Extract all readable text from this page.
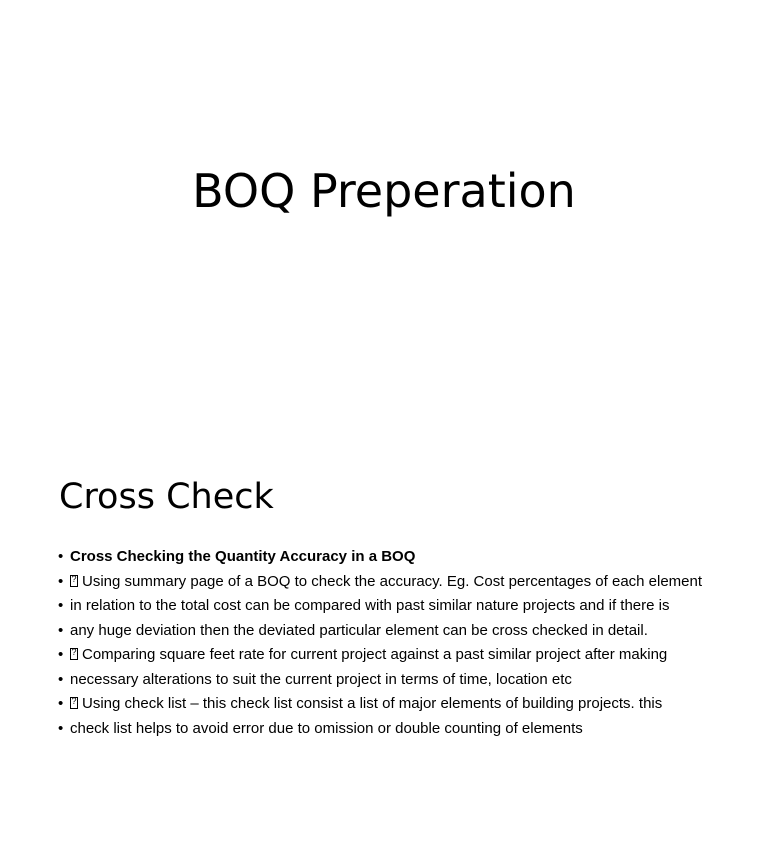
BOQ Preperation
Cross Check
• Cross Checking the Quantity Accuracy in a BOQ
• ? Using summary page of a BOQ to check the accuracy. Eg. Cost percentages of each element
• in relation to the total cost can be compared with past similar nature projects and if there is
• any huge deviation then the deviated particular element can be cross checked in detail.
• ? Comparing square feet rate for current project against a past similar project after making
• necessary alterations to suit the current project in terms of time, location etc
• ? Using check list – this check list consist a list of major elements of building projects. this
• check list helps to avoid error due to omission or double counting of elements
